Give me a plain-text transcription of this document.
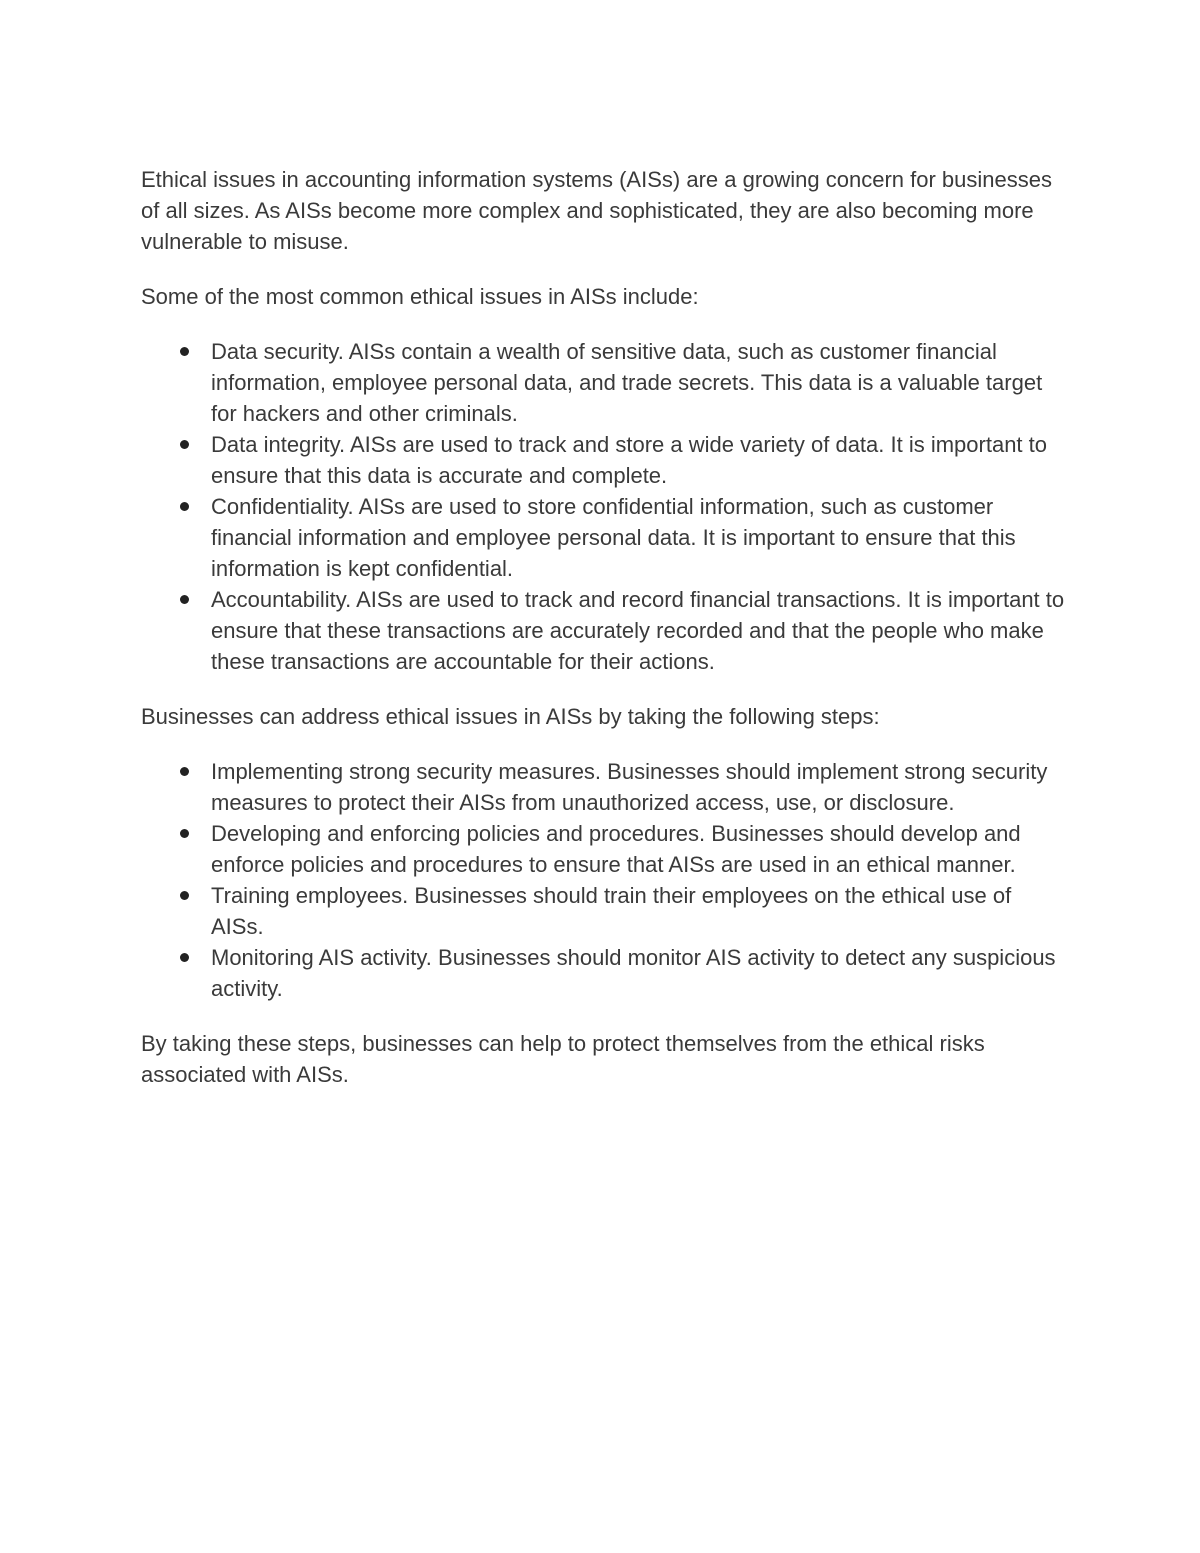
Ethical issues in accounting information systems (AISs) are a growing concern for businesses of all sizes. As AISs become more complex and sophisticated, they are also becoming more vulnerable to misuse.

Some of the most common ethical issues in AISs include:

Data security. AISs contain a wealth of sensitive data, such as customer financial information, employee personal data, and trade secrets. This data is a valuable target for hackers and other criminals.
Data integrity. AISs are used to track and store a wide variety of data. It is important to ensure that this data is accurate and complete.
Confidentiality. AISs are used to store confidential information, such as customer financial information and employee personal data. It is important to ensure that this information is kept confidential.
Accountability. AISs are used to track and record financial transactions. It is important to ensure that these transactions are accurately recorded and that the people who make these transactions are accountable for their actions.

Businesses can address ethical issues in AISs by taking the following steps:

Implementing strong security measures. Businesses should implement strong security measures to protect their AISs from unauthorized access, use, or disclosure.
Developing and enforcing policies and procedures. Businesses should develop and enforce policies and procedures to ensure that AISs are used in an ethical manner.
Training employees. Businesses should train their employees on the ethical use of AISs.
Monitoring AIS activity. Businesses should monitor AIS activity to detect any suspicious activity.

By taking these steps, businesses can help to protect themselves from the ethical risks associated with AISs.
